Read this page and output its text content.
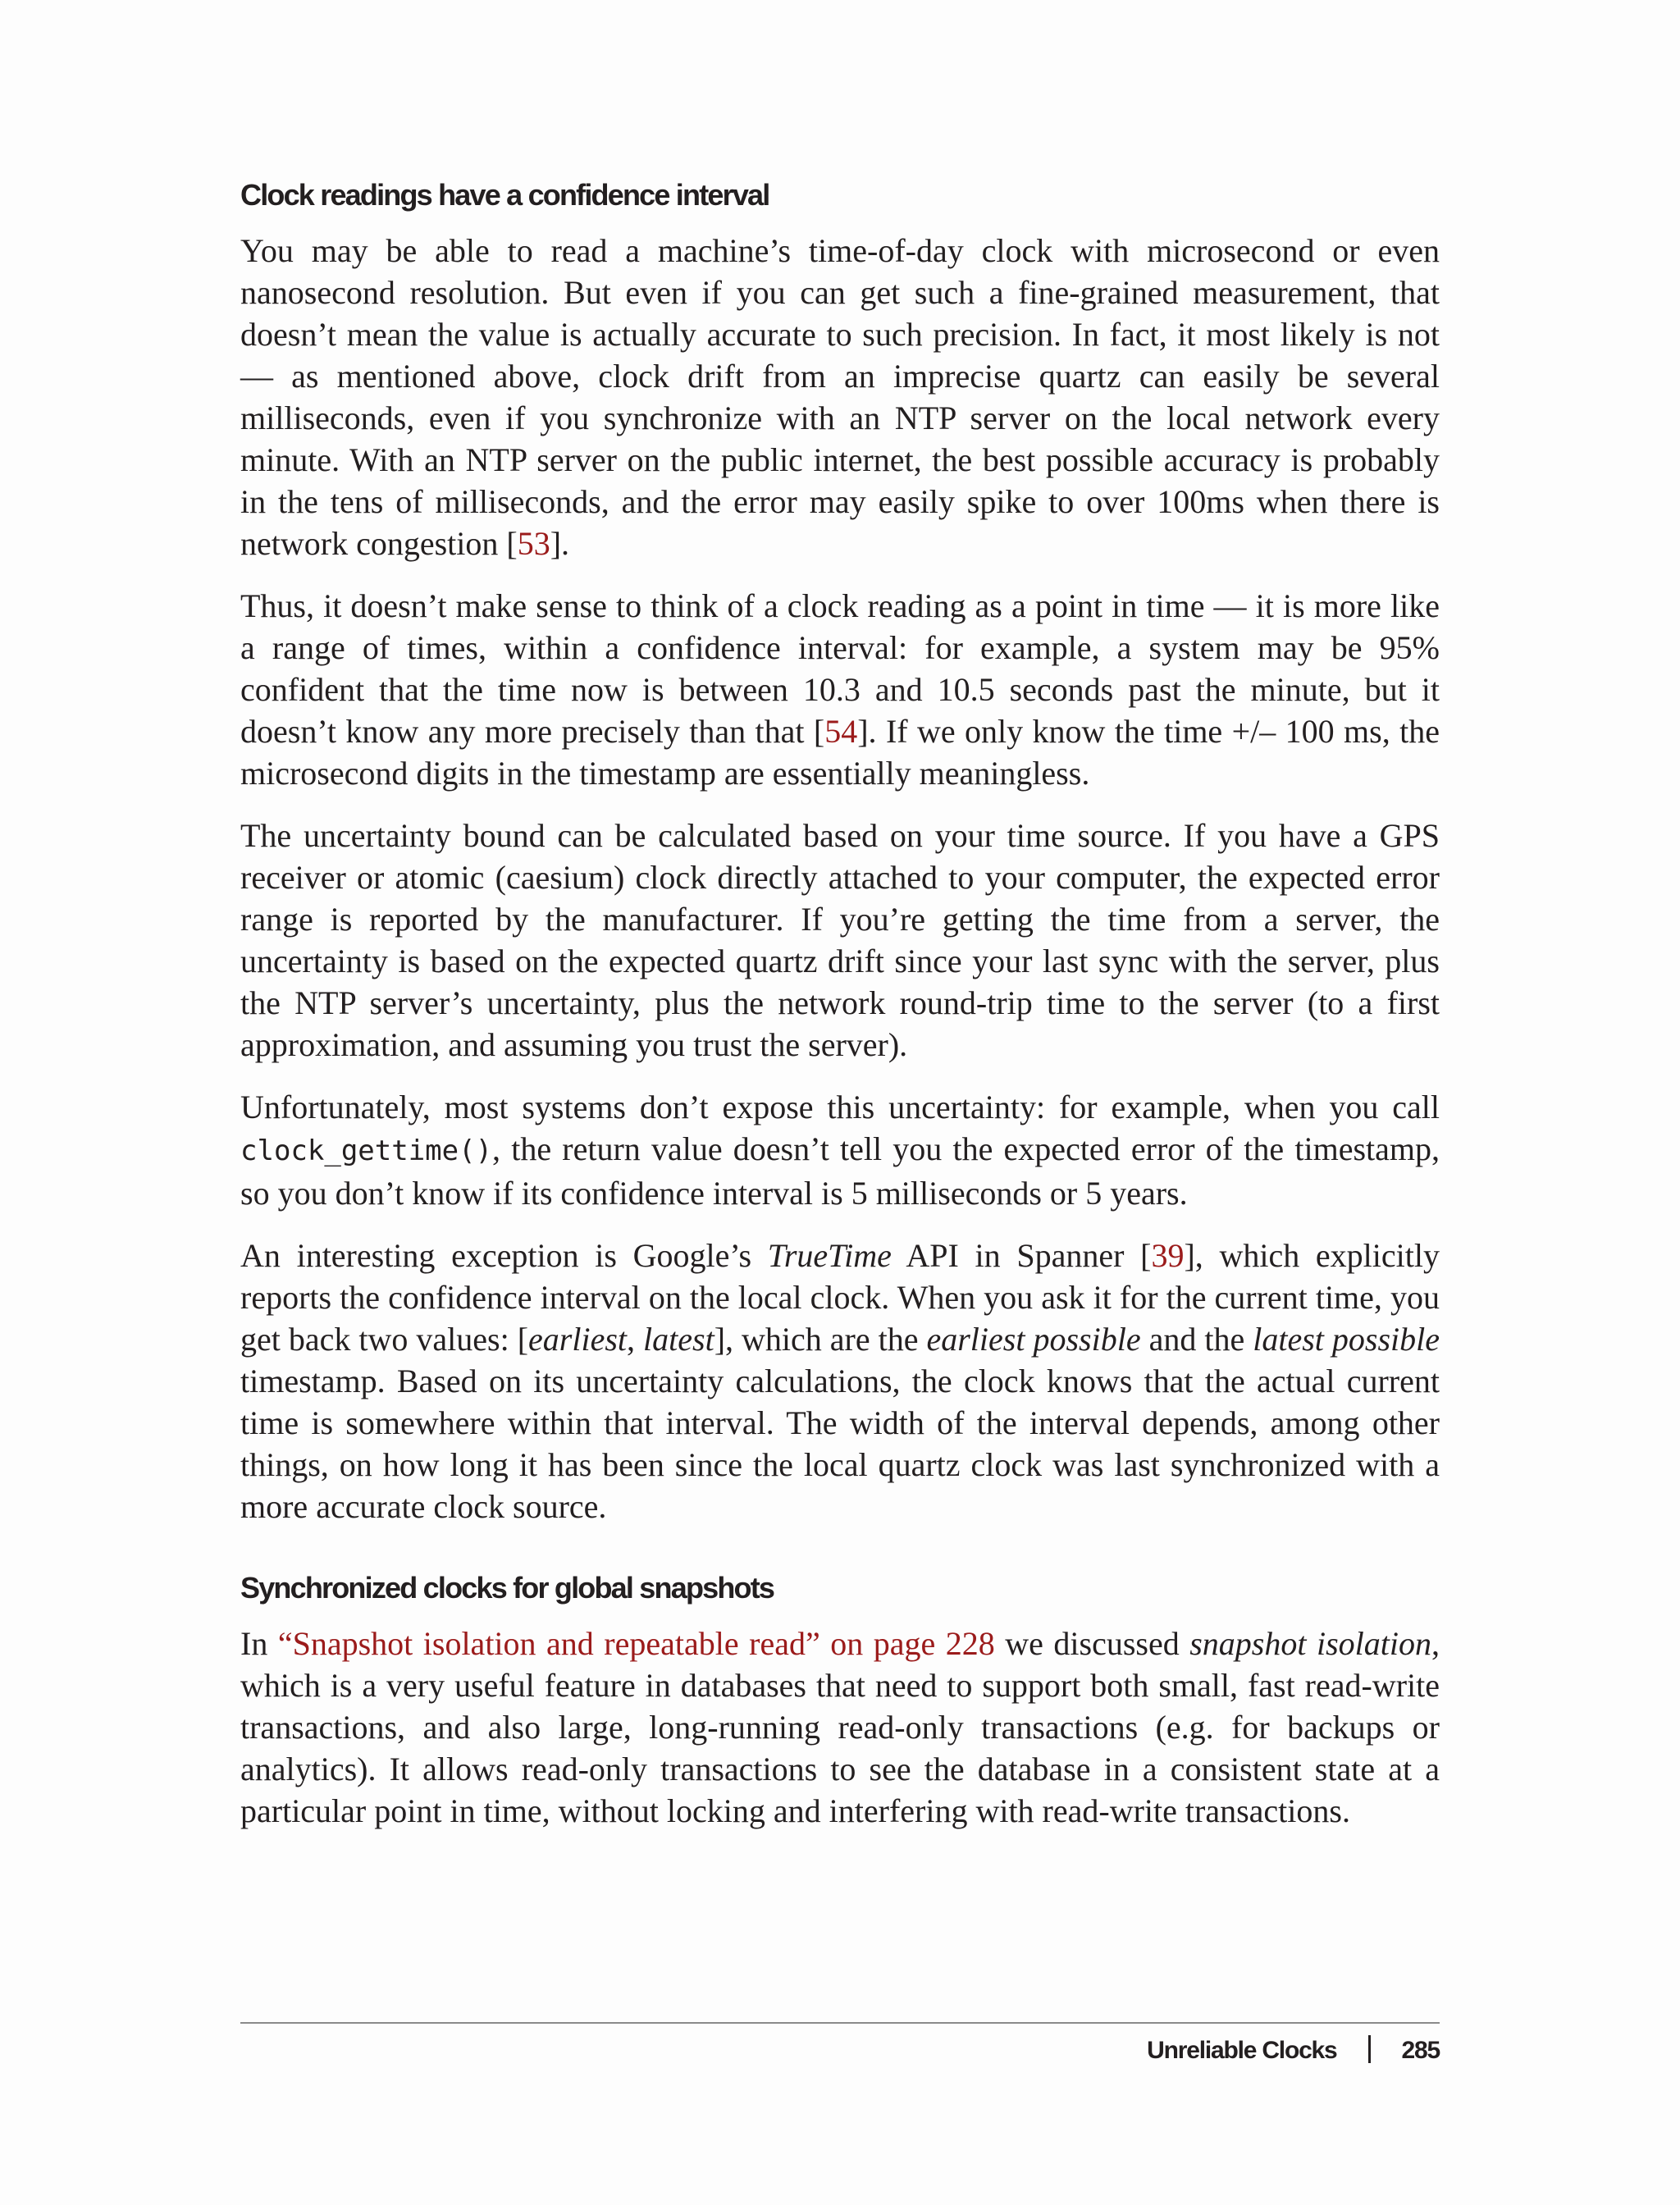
Clock readings have a confidence interval

You may be able to read a machine’s time-of-day clock with microsecond or even nanosecond resolution. But even if you can get such a fine-grained measurement, that doesn’t mean the value is actually accurate to such precision. In fact, it most likely is not — as mentioned above, clock drift from an imprecise quartz can easily be several milliseconds, even if you synchronize with an NTP server on the local network every minute. With an NTP server on the public internet, the best possible accuracy is probably in the tens of milliseconds, and the error may easily spike to over 100ms when there is network congestion [53].

Thus, it doesn’t make sense to think of a clock reading as a point in time — it is more like a range of times, within a confidence interval: for example, a system may be 95% confident that the time now is between 10.3 and 10.5 seconds past the minute, but it doesn’t know any more precisely than that [54]. If we only know the time +/– 100 ms, the microsecond digits in the timestamp are essentially meaningless.

The uncertainty bound can be calculated based on your time source. If you have a GPS receiver or atomic (caesium) clock directly attached to your computer, the expected error range is reported by the manufacturer. If you’re getting the time from a server, the uncertainty is based on the expected quartz drift since your last sync with the server, plus the NTP server’s uncertainty, plus the network round-trip time to the server (to a first approximation, and assuming you trust the server).

Unfortunately, most systems don’t expose this uncertainty: for example, when you call clock_gettime(), the return value doesn’t tell you the expected error of the timestamp, so you don’t know if its confidence interval is 5 milliseconds or 5 years.

An interesting exception is Google’s TrueTime API in Spanner [39], which explicitly reports the confidence interval on the local clock. When you ask it for the current time, you get back two values: [earliest, latest], which are the earliest possible and the latest possible timestamp. Based on its uncertainty calculations, the clock knows that the actual current time is somewhere within that interval. The width of the interval depends, among other things, on how long it has been since the local quartz clock was last synchronized with a more accurate clock source.

Synchronized clocks for global snapshots

In “Snapshot isolation and repeatable read” on page 228 we discussed snapshot isolation, which is a very useful feature in databases that need to support both small, fast read-write transactions, and also large, long-running read-only transactions (e.g. for backups or analytics). It allows read-only transactions to see the database in a consistent state at a particular point in time, without locking and interfering with read-write transactions.

Unreliable Clocks	285
